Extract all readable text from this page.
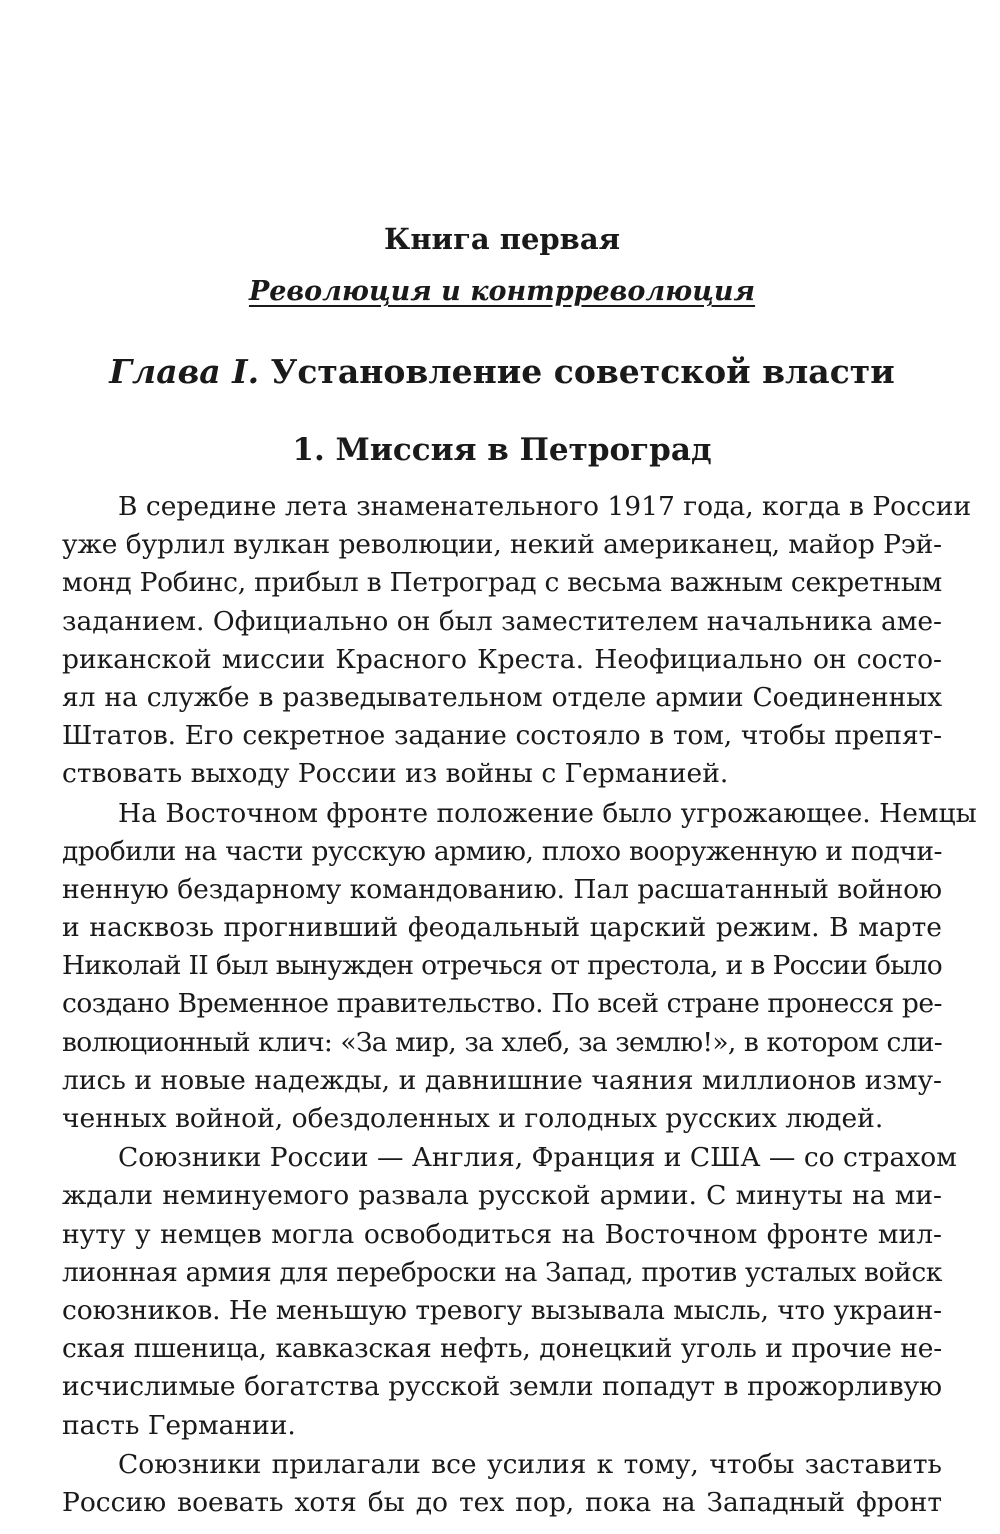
Книга первая
Революция и контрреволюция
Глава I. Установление советской власти
1. Миссия в Петроград
В середине лета знаменательного 1917 года, когда в России
уже бурлил вулкан революции, некий американец, майор Рэй-
монд Робинс, прибыл в Петроград с весьма важным секретным
заданием. Официально он был заместителем начальника аме-
риканской миссии Красного Креста. Неофициально он состо-
ял на службе в разведывательном отделе армии Соединенных
Штатов. Его секретное задание состояло в том, чтобы препят-
ствовать выходу России из войны с Германией.
На Восточном фронте положение было угрожающее. Немцы
дробили на части русскую армию, плохо вооруженную и подчи-
ненную бездарному командованию. Пал расшатанный войною
и насквозь прогнивший феодальный царский режим. В марте
Николай II был вынужден отречься от престола, и в России было
создано Временное правительство. По всей стране пронесся ре-
волюционный клич: «За мир, за хлеб, за землю!», в котором сли-
лись и новые надежды, и давнишние чаяния миллионов изму-
ченных войной, обездоленных и голодных русских людей.
Союзники России — Англия, Франция и США — со страхом
ждали неминуемого развала русской армии. С минуты на ми-
нуту у немцев могла освободиться на Восточном фронте мил-
лионная армия для переброски на Запад, против усталых войск
союзников. Не меньшую тревогу вызывала мысль, что украин-
ская пшеница, кавказская нефть, донецкий уголь и прочие не-
исчислимые богатства русской земли попадут в прожорливую
пасть Германии.
Союзники прилагали все усилия к тому, чтобы заставить
Россию воевать хотя бы до тех пор, пока на Западный фронт
